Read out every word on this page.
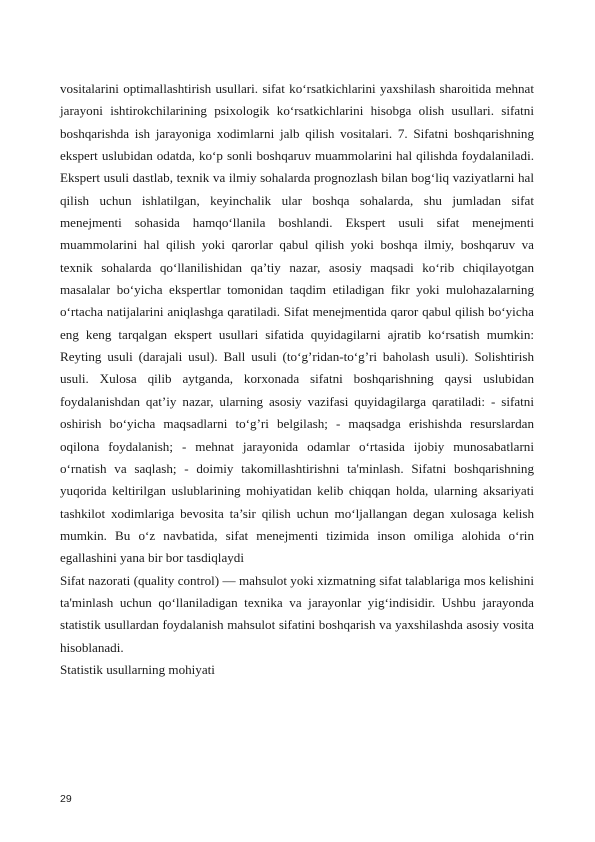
vositalarini optimallashtirish usullari. sifat ko‘rsatkichlarini yaxshilash sharoitida mehnat jarayoni ishtirokchilarining psixologik ko‘rsatkichlarini hisobga olish usullari. sifatni boshqarishda ish jarayoniga xodimlarni jalb qilish vositalari. 7. Sifatni boshqarishning ekspert uslubidan odatda, ko‘p sonli boshqaruv muammolarini hal qilishda foydalaniladi. Ekspert usuli dastlab, texnik va ilmiy sohalarda prognozlash bilan bog‘liq vaziyatlarni hal qilish uchun ishlatilgan, keyinchalik ular boshqa sohalarda, shu jumladan sifat menejmenti sohasida hamqo‘llanila boshlandi. Ekspert usuli sifat menejmenti muammolarini hal qilish yoki qarorlar qabul qilish yoki boshqa ilmiy, boshqaruv va texnik sohalarda qo‘llanilishidan qa’tiy nazar, asosiy maqsadi ko‘rib chiqilayotgan masalalar bo‘yicha ekspertlar tomonidan taqdim etiladigan fikr yoki mulohazalarning o‘rtacha natijalarini aniqlashga qaratiladi. Sifat menejmentida qaror qabul qilish bo‘yicha eng keng tarqalgan ekspert usullari sifatida quyidagilarni ajratib ko‘rsatish mumkin: Reyting usuli (darajali usul). Ball usuli (to‘g’ridan-to‘g’ri baholash usuli). Solishtirish usuli. Xulosa qilib aytganda, korxonada sifatni boshqarishning qaysi uslubidan foydalanishdan qat’iy nazar, ularning asosiy vazifasi quyidagilarga qaratiladi: - sifatni oshirish bo‘yicha maqsadlarni to‘g’ri belgilash; - maqsadga erishishda resurslardan oqilona foydalanish; - mehnat jarayonida odamlar o‘rtasida ijobiy munosabatlarni o‘rnatish va saqlash; - doimiy takomillashtirishni ta'minlash. Sifatni boshqarishning yuqorida keltirilgan uslublarining mohiyatidan kelib chiqqan holda, ularning aksariyati tashkilot xodimlariga bevosita ta’sir qilish uchun mo‘ljallangan degan xulosaga kelish mumkin. Bu o‘z navbatida, sifat menejmenti tizimida inson omiliga alohida o‘rin egallashini yana bir bor tasdiqlaydi

Sifat nazorati (quality control) — mahsulot yoki xizmatning sifat talablariga mos kelishini ta'minlash uchun qo‘llaniladigan texnika va jarayonlar yig‘indisidir. Ushbu jarayonda statistik usullardan foydalanish mahsulot sifatini boshqarish va yaxshilashda asosiy vosita hisoblanadi.

Statistik usullarning mohiyati

29
